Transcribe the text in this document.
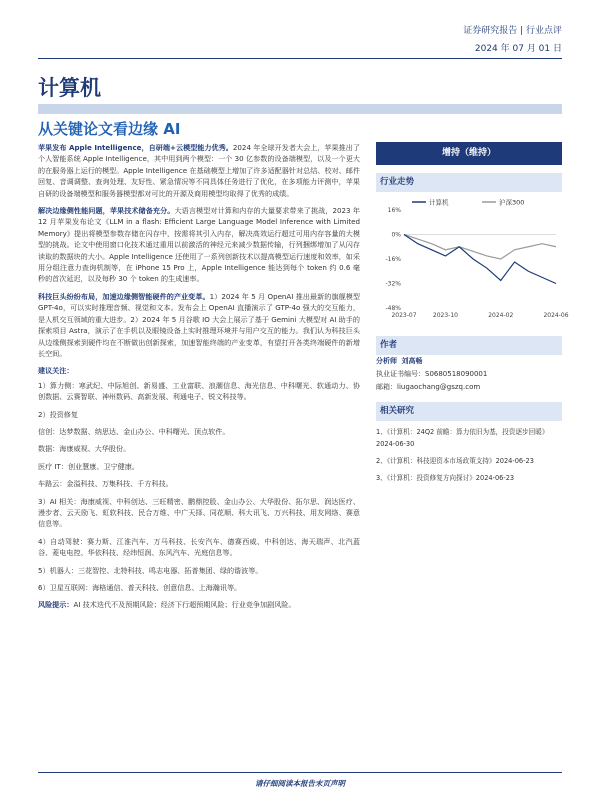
证券研究报告 | 行业点评
2024 年 07 月 01 日
计算机
从关键论文看边缘 AI

苹果发布 Apple Intelligence，自研端+云模型能力优秀。2024 年全球开发者大会上，苹果推出了个人智能系统 Apple Intelligence，其中用到两个模型：一个 30 亿参数的设备端模型，以及一个更大的在服务器上运行的模型。Apple Intelligence 在基础模型上增加了许多适配器针对总结、校对、邮件回复、音调调整、查询处理、友好性、紧急情况等不同具体任务进行了优化，在多项能力评测中，苹果自研的设备端模型和服务器模型都对可比的开源及商用模型均取得了优秀的成绩。

解决边缘侧性能问题，苹果技术储备充分。大语言模型对计算和内存的大量要求带来了挑战，2023 年 12 月苹果发布论文《LLM in a flash: Efficient Large Language Model Inference with Limited Memory》提出将模型参数存储在闪存中，按需将其引入内存，解决高效运行超过可用内存容量的大模型的挑战。论文中使用窗口化技术通过重用以前激活的神经元来减少数据传输，行列捆绑增加了从闪存读取的数据块的大小。Apple Intelligence 还使用了一系列创新技术以提高模型运行速度和效率，如采用分组注意力查询机制等，在 iPhone 15 Pro 上，Apple Intelligence 能达到每个 token 约 0.6 毫秒的首次延迟，以及每秒 30 个 token 的生成速率。

科技巨头纷纷布局，加速边缘侧智能硬件的产业变革。1）2024 年 5 月 OpenAI 推出最新的旗舰模型 GPT-4o，可以实时推理音频、视觉和文本。发布会上 OpenAI 直播演示了 GTP-4o 强大的交互能力，是人机交互领域的重大进步。2）2024 年 5 月谷歌 IO 大会上展示了基于 Gemini 大模型对 AI 助手的探索项目 Astra，演示了在手机以及眼镜设备上实时推理环境并与用户交互的能力。我们认为科技巨头从边缘侧探索到硬件均在不断做出创新探索，加速智能终端的产业变革，有望打开各类终端硬件的新增长空间。

建议关注：

1）算力侧：寒武纪、中际旭创、新易盛、工业富联、浪潮信息、海光信息、中科曙光、软通动力、协创数据、云赛智联、神州数码、高新发展、利通电子、锐文科技等。

2）投资修复

信创：达梦数据、纳思达、金山办公、中科曙光、顶点软件。

数据：海康威视、大华股份。

医疗 IT：创业慧康、卫宁健康。

车路云：金溢科技、万集科技、千方科技。

3）AI 相关：海康威视、中科创达、三旺精密、鹏鼎控股、金山办公、大华股份、拓尔思、润达医疗、漫步者、云天励飞、虹软科技、民合万维、中广天择、同花顺、科大讯飞、万兴科技、用友网络、赛意信息等。

4）自动驾驶：赛力斯、江淮汽车、万马科技、长安汽车、德赛西威、中科创达、海天瑞声、北汽蓝谷、菱电电控、华依科技、经纬恒润、东风汽车、光庭信息等。

5）机器人：三花智控、北特科技、鸣志电器、拓普集团、绿的谐波等。

6）卫星互联网：海格通信、普天科技、创意信息、上海瀚讯等。

风险提示：AI 技术迭代不及预期风险；经济下行超预期风险；行业竞争加剧风险。

增持（维持）
行业走势
16%
0%
-16%
-32%
-48%
2023-07	2023-10	2024-02	2024-06
计算机	沪深300
作者
分析师 刘高畅
执业证书编号：S0680518090001
邮箱：liugaochang@gszq.com
相关研究
1、《计算机：24Q2 前瞻：算力依旧为基，投资逐步回暖》2024-06-30
2、《计算机：科技迎资本市场政策支持》2024-06-23
3、《计算机：投资修复方向探讨》2024-06-23
请仔细阅读本报告末页声明
